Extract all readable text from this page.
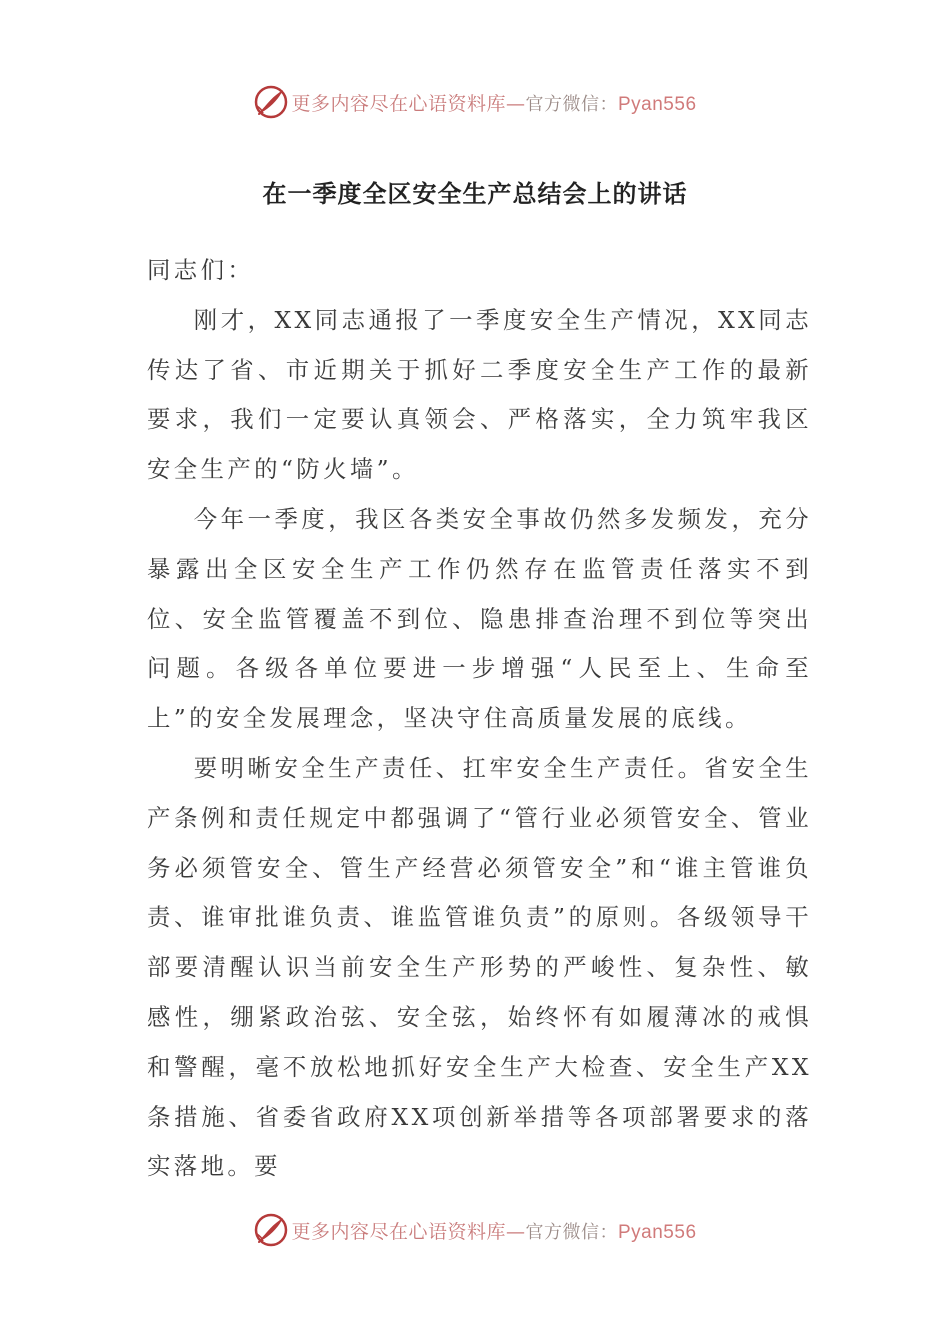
更多内容尽在心语资料库—官方微信：Pyan556
在一季度全区安全生产总结会上的讲话

同志们：

刚才，XX同志通报了一季度安全生产情况，XX同志传达了省、市近期关于抓好二季度安全生产工作的最新要求，我们一定要认真领会、严格落实，全力筑牢我区安全生产的“防火墙”。

今年一季度，我区各类安全事故仍然多发频发，充分暴露出全区安全生产工作仍然存在监管责任落实不到位、安全监管覆盖不到位、隐患排查治理不到位等突出问题。各级各单位要进一步增强“人民至上、生命至上”的安全发展理念，坚决守住高质量发展的底线。

要明晰安全生产责任、扛牢安全生产责任。省安全生产条例和责任规定中都强调了“管行业必须管安全、管业务必须管安全、管生产经营必须管安全”和“谁主管谁负责、谁审批谁负责、谁监管谁负责”的原则。各级领导干部要清醒认识当前安全生产形势的严峻性、复杂性、敏感性，绷紧政治弦、安全弦，始终怀有如履薄冰的戒惧和警醒，毫不放松地抓好安全生产大检查、安全生产XX条措施、省委省政府XX项创新举措等各项部署要求的落实落地。要

更多内容尽在心语资料库—官方微信：Pyan556
